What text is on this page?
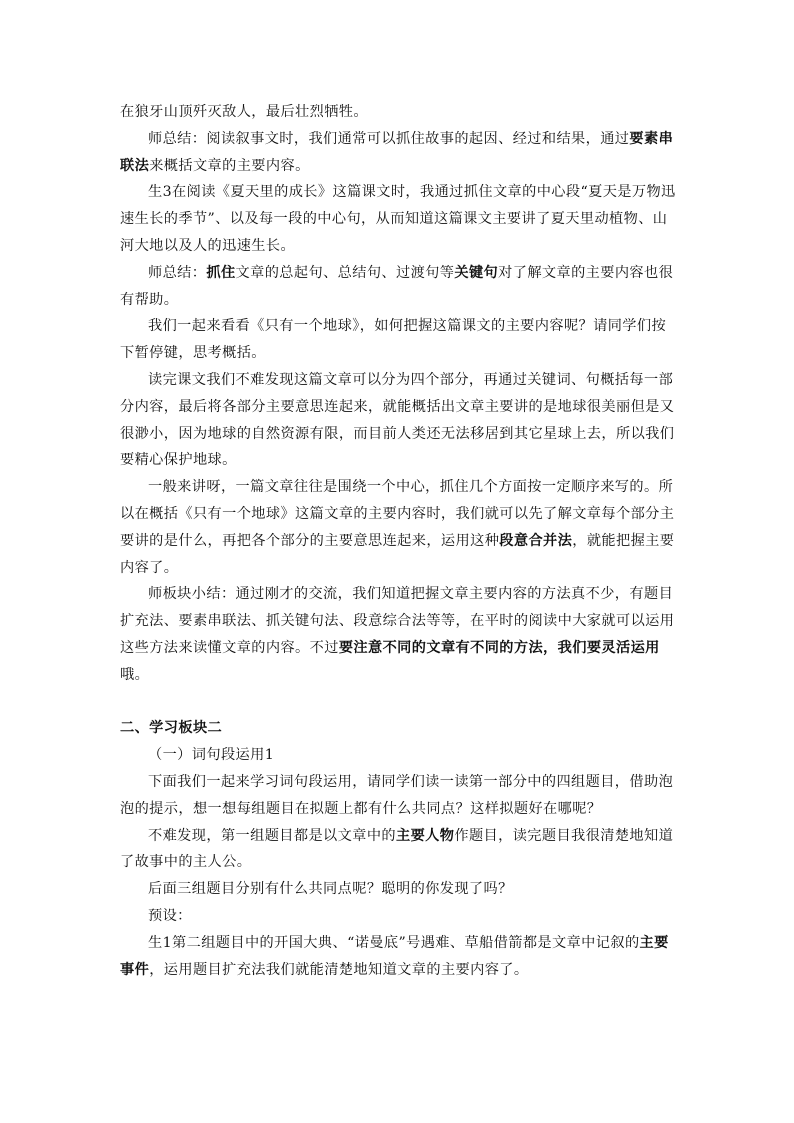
在狼牙山顶歼灭敌人，最后壮烈牺牲。

师总结：阅读叙事文时，我们通常可以抓住故事的起因、经过和结果，通过要素串联法来概括文章的主要内容。

生3在阅读《夏天里的成长》这篇课文时，我通过抓住文章的中心段“夏天是万物迅速生长的季节”、以及每一段的中心句，从而知道这篇课文主要讲了夏天里动植物、山河大地以及人的迅速生长。

师总结：抓住文章的总起句、总结句、过渡句等关键句对了解文章的主要内容也很有帮助。

我们一起来看看《只有一个地球》，如何把握这篇课文的主要内容呢？请同学们按下暂停键，思考概括。

读完课文我们不难发现这篇文章可以分为四个部分，再通过关键词、句概括每一部分内容，最后将各部分主要意思连起来，就能概括出文章主要讲的是地球很美丽但是又很渺小，因为地球的自然资源有限，而目前人类还无法移居到其它星球上去，所以我们要精心保护地球。

一般来讲呀，一篇文章往往是围绕一个中心，抓住几个方面按一定顺序来写的。所以在概括《只有一个地球》这篇文章的主要内容时，我们就可以先了解文章每个部分主要讲的是什么，再把各个部分的主要意思连起来，运用这种段意合并法，就能把握主要内容了。

师板块小结：通过刚才的交流，我们知道把握文章主要内容的方法真不少，有题目扩充法、要素串联法、抓关键句法、段意综合法等等，在平时的阅读中大家就可以运用这些方法来读懂文章的内容。不过要注意不同的文章有不同的方法，我们要灵活运用哦。

二、学习板块二

（一）词句段运用1

下面我们一起来学习词句段运用，请同学们读一读第一部分中的四组题目，借助泡泡的提示，想一想每组题目在拟题上都有什么共同点？这样拟题好在哪呢？

不难发现，第一组题目都是以文章中的主要人物作题目，读完题目我很清楚地知道了故事中的主人公。

后面三组题目分别有什么共同点呢？聪明的你发现了吗？

预设：

生1第二组题目中的开国大典、“诺曼底”号遇难、草船借箭都是文章中记叙的主要事件，运用题目扩充法我们就能清楚地知道文章的主要内容了。
